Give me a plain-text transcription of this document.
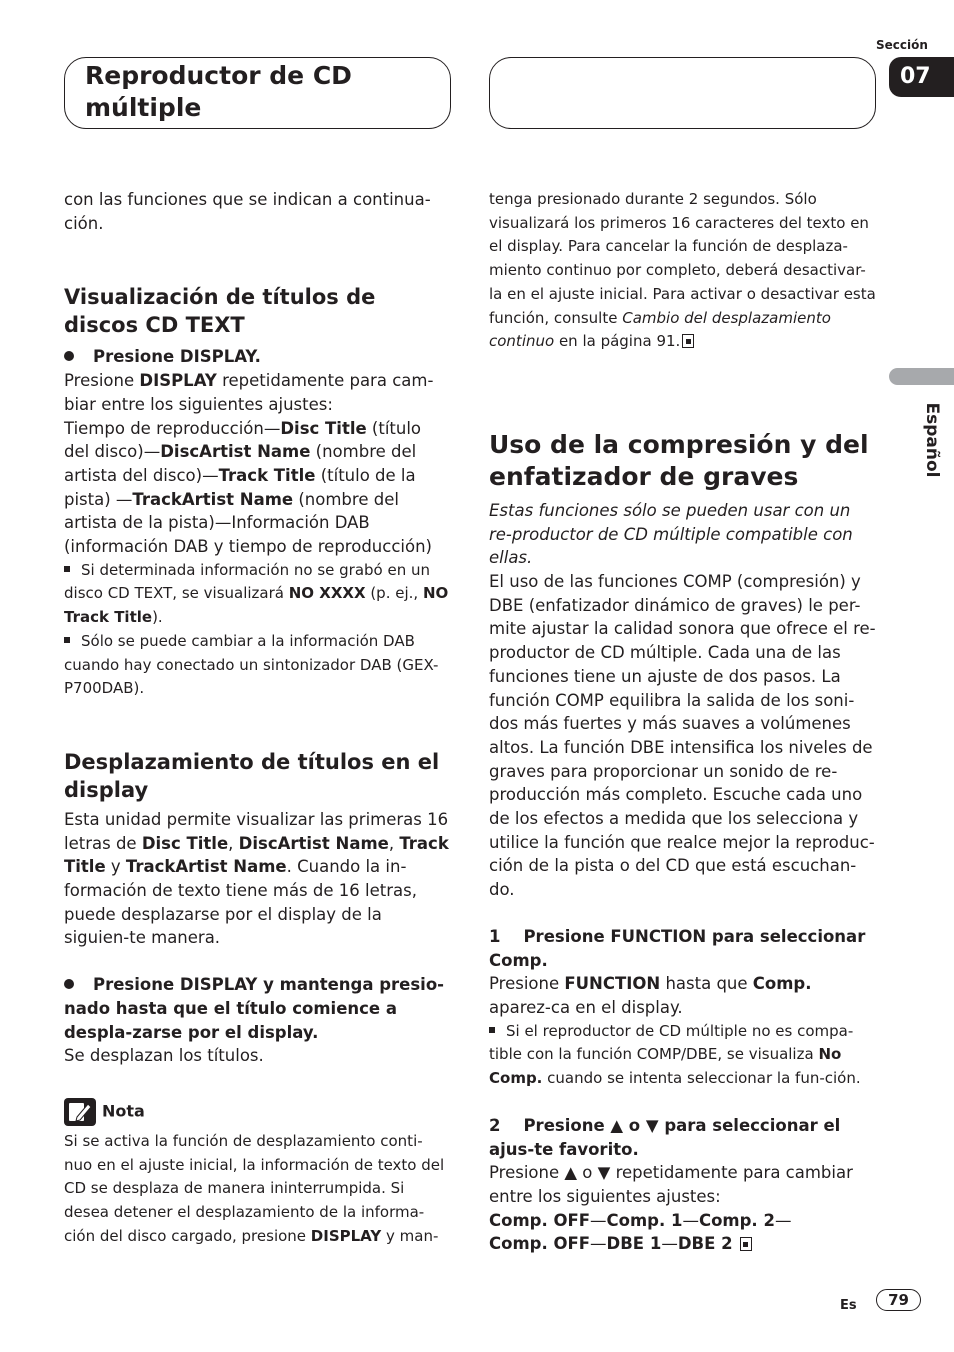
Reproductor de CD múltiple
Sección
07
Español

con las funciones que se indican a continua-ción.

Visualización de títulos de discos CD TEXT

Presione DISPLAY.

Presione DISPLAY repetidamente para cam-biar entre los siguientes ajustes:

Tiempo de reproducción—Disc Title (título del disco)—DiscArtist Name (nombre del artista del disco)—Track Title (título de la pista) —TrackArtist Name (nombre del artista de la pista)—Información DAB (información DAB y tiempo de reproducción)

Si determinada información no se grabó en un disco CD TEXT, se visualizará NO XXXX (p. ej., NO Track Title).

Sólo se puede cambiar a la información DAB cuando hay conectado un sintonizador DAB (GEX-P700DAB).

Desplazamiento de títulos en el display

Esta unidad permite visualizar las primeras 16 letras de Disc Title, DiscArtist Name, Track Title y TrackArtist Name. Cuando la in-formación de texto tiene más de 16 letras, puede desplazarse por el display de la siguien-te manera.

Presione DISPLAY y mantenga presio-nado hasta que el título comience a despla-zarse por el display.

Se desplazan los títulos.

Nota

Si se activa la función de desplazamiento conti-nuo en el ajuste inicial, la información de texto del CD se desplaza de manera ininterrumpida. Si desea detener el desplazamiento de la informa-ción del disco cargado, presione DISPLAY y man-

tenga presionado durante 2 segundos. Sólo visualizará los primeros 16 caracteres del texto en el display. Para cancelar la función de desplaza-miento continuo por completo, deberá desactivar-la en el ajuste inicial. Para activar o desactivar esta función, consulte Cambio del desplazamiento continuo en la página 91.

Uso de la compresión y del enfatizador de graves

Estas funciones sólo se pueden usar con un re-productor de CD múltiple compatible con ellas.

El uso de las funciones COMP (compresión) y DBE (enfatizador dinámico de graves) le per-mite ajustar la calidad sonora que ofrece el re-productor de CD múltiple. Cada una de las funciones tiene un ajuste de dos pasos. La función COMP equilibra la salida de los soni-dos más fuertes y más suaves a volúmenes altos. La función DBE intensifica los niveles de graves para proporcionar un sonido de re-producción más completo. Escuche cada uno de los efectos a medida que los selecciona y utilice la función que realce mejor la reproduc-ción de la pista o del CD que está escuchan-do.

1    Presione FUNCTION para seleccionar Comp.

Presione FUNCTION hasta que Comp. aparez-ca en el display.

Si el reproductor de CD múltiple no es compa-tible con la función COMP/DBE, se visualiza No Comp. cuando se intenta seleccionar la fun-ción.

2    Presione ▲ o ▼ para seleccionar el ajus-te favorito.

Presione ▲ o ▼ repetidamente para cambiar entre los siguientes ajustes:

Comp. OFF—Comp. 1—Comp. 2—
Comp. OFF—DBE 1—DBE 2

Es	79
